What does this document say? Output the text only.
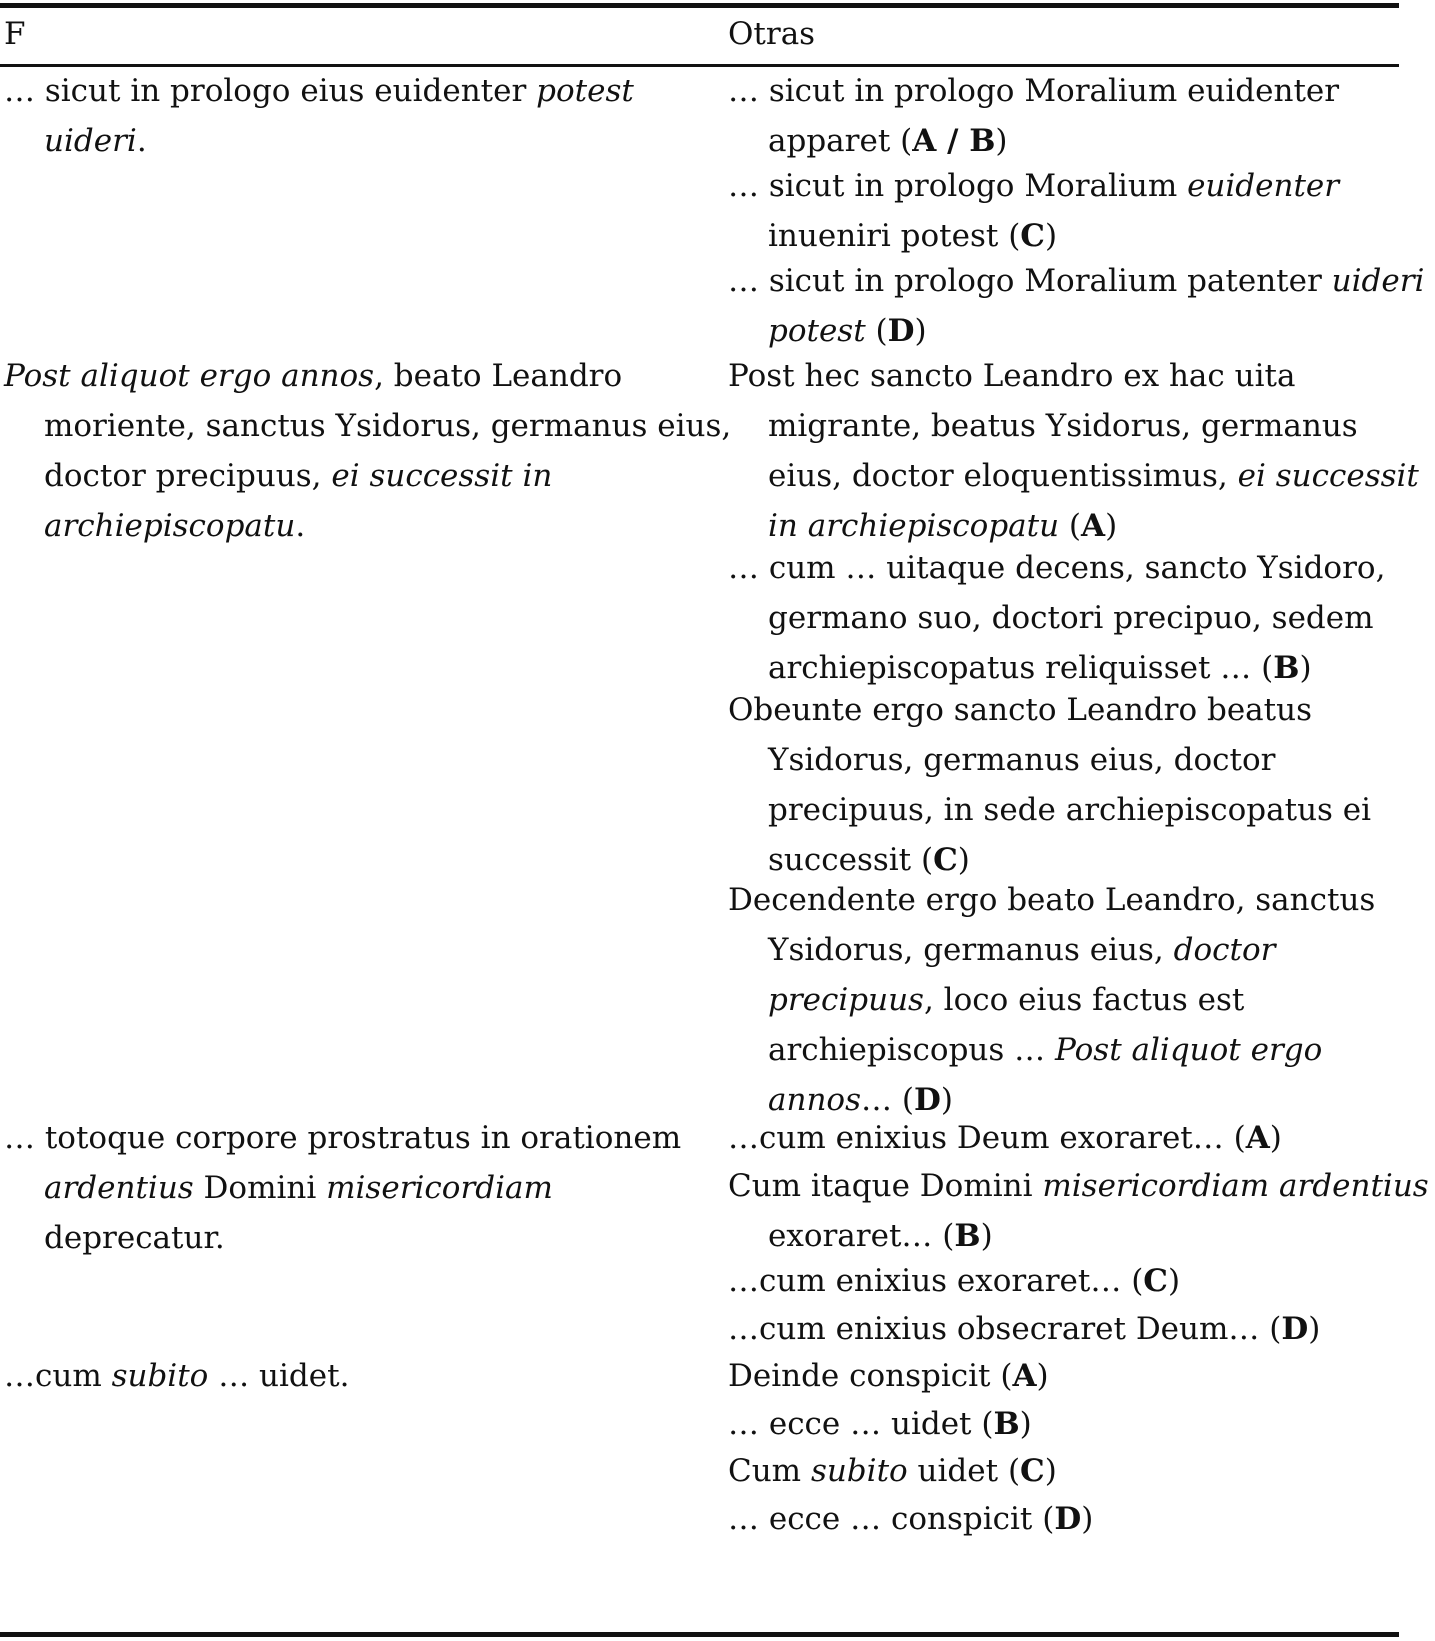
F	Otras
… sicut in prologo eius euidenter potest uideri.
… sicut in prologo Moralium euidenter apparet (A / B)
… sicut in prologo Moralium euidenter inueniri potest (C)
… sicut in prologo Moralium patenter uideri potest (D)
Post aliquot ergo annos, beato Leandro moriente, sanctus Ysidorus, germanus eius, doctor precipuus, ei successit in archiepiscopatu.
Post hec sancto Leandro ex hac uita migrante, beatus Ysidorus, germanus eius, doctor eloquentissimus, ei successit in archiepiscopatu (A)
… cum … uitaque decens, sancto Ysidoro, germano suo, doctori precipuo, sedem archiepiscopatus reliquisset … (B)
Obeunte ergo sancto Leandro beatus Ysidorus, germanus eius, doctor precipuus, in sede archiepiscopatus ei successit (C)
Decendente ergo beato Leandro, sanctus Ysidorus, germanus eius, doctor precipuus, loco eius factus est archiepiscopus … Post aliquot ergo annos… (D)
… totoque corpore prostratus in orationem ardentius Domini misericordiam deprecatur.
…cum enixius Deum exoraret… (A)
Cum itaque Domini misericordiam ardentius exoraret… (B)
…cum enixius exoraret… (C)
…cum enixius obsecraret Deum… (D)
…cum subito … uidet.	Deinde conspicit (A)
… ecce … uidet (B)
Cum subito uidet (C)
… ecce … conspicit (D)
